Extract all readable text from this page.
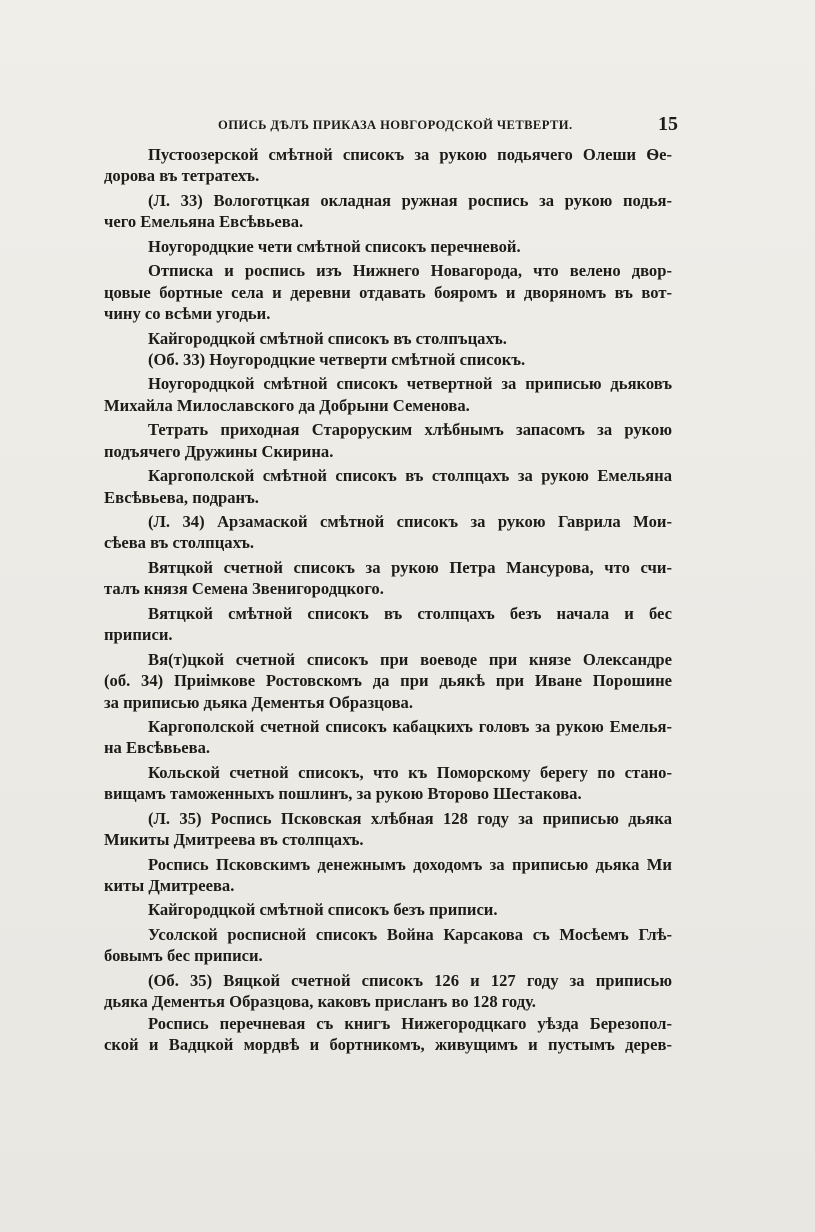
ОПИСЬ ДѢЛЪ ПРИКАЗА НОВГОРОДСКОЙ ЧЕТВЕРТИ.	15
Пустоозерской смѣтной списокъ за рукою подьячего Олеши Ѳе-
дорова въ тетратехъ.
(Л. 33) Вологотцкая окладная ружная роспись за рукою подья-
чего Емельяна Евсѣвьева.
Ноугородцкие чети смѣтной списокъ перечневой.
Отписка и роспись изъ Нижнего Новагорода, что велено двор-
цовые бортные села и деревни отдавать бояромъ и дворяномъ въ вот-
чину со всѣми угодьи.
Кайгородцкой смѣтной списокъ въ столпъцахъ.
(Об. 33) Ноугородцкие четверти смѣтной списокъ.
Ноугородцкой смѣтной списокъ четвертной за приписью дьяковъ
Михайла Милославского да Добрыни Семенова.
Тетрать приходная Староруским хлѣбнымъ запасомъ за рукою
подъячего Дружины Скирина.
Каргополской смѣтной списокъ въ столпцахъ за рукою Емельяна
Евсѣвьева, подранъ.
(Л. 34) Арзамаской смѣтной списокъ за рукою Гаврила Мои-
сѣева въ столпцахъ.
Вятцкой счетной списокъ за рукою Петра Мансурова, что счи-
талъ князя Семена Звенигородцкого.
Вятцкой смѣтной списокъ въ столпцахъ безъ начала и бес
приписи.
Вя(т)цкой счетной списокъ при воеводе при князе Олександре
(об. 34) Приімкове Ростовскомъ да при дьякѣ при Иване Порошине
за приписью дьяка Дементья Образцова.
Каргополской счетной списокъ кабацкихъ головъ за рукою Емелья-
на Евсѣвьева.
Кольской счетной списокъ, что къ Поморскому берегу по стано-
вищамъ таможенныхъ пошлинъ, за рукою Второво Шестакова.
(Л. 35) Роспись Псковская хлѣбная 128 году за приписью дьяка
Микиты Дмитреева въ столпцахъ.
Роспись Псковскимъ денежнымъ доходомъ за приписью дьяка Ми
киты Дмитреева.
Кайгородцкой смѣтной списокъ безъ приписи.
Усолской росписной списокъ Война Карсакова съ Мосѣемъ Глѣ-
бовымъ бес приписи.
(Об. 35) Вяцкой счетной списокъ 126 и 127 году за приписью
дьяка Дементья Образцова, каковъ присланъ во 128 году.
Роспись перечневая съ книгъ Нижегородцкаго уѣзда Березопол-
ской и Вадцкой мордвѣ и бортникомъ, живущимъ и пустымъ дерев-
